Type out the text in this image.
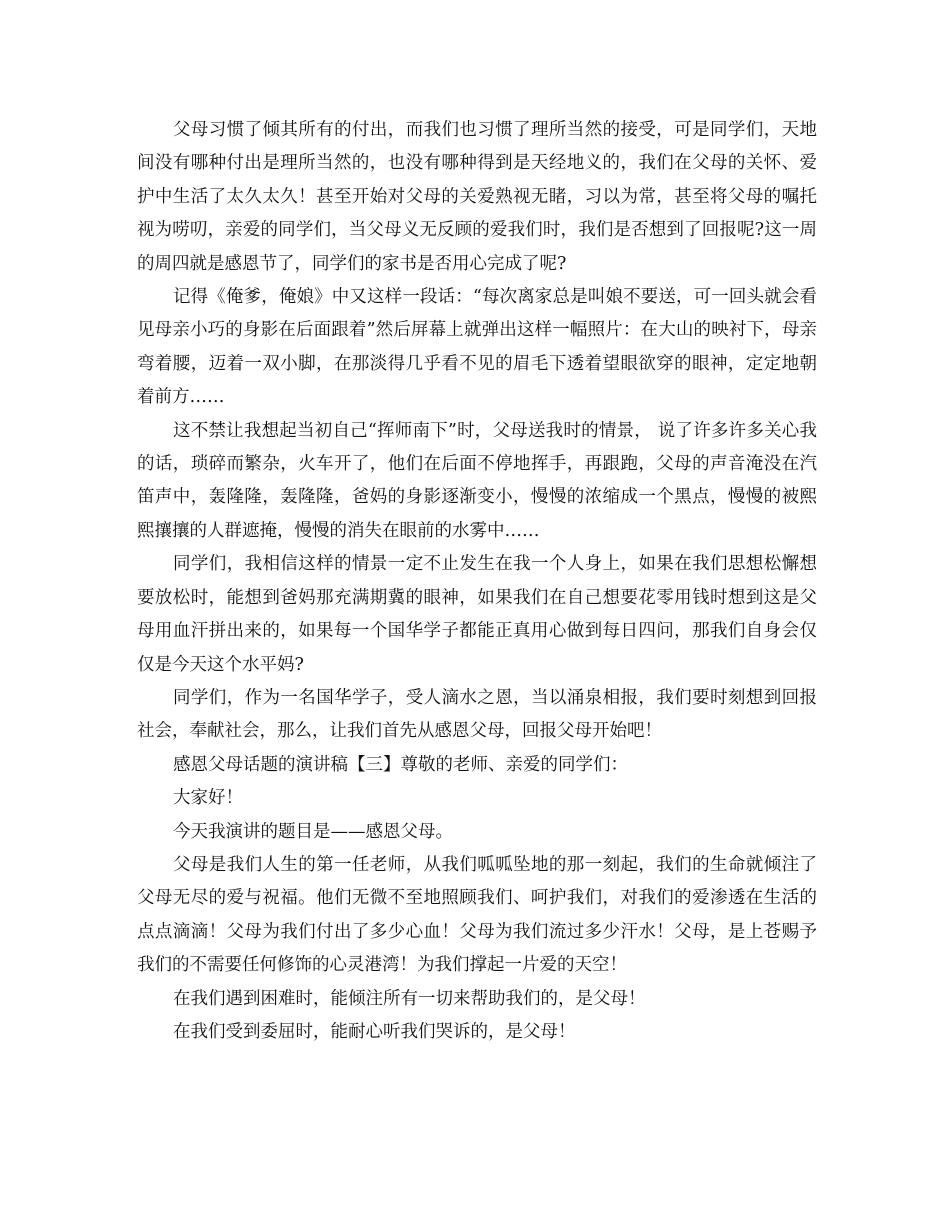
父母习惯了倾其所有的付出，而我们也习惯了理所当然的接受，可是同学们，天地间没有哪种付出是理所当然的，也没有哪种得到是天经地义的，我们在父母的关怀、爱护中生活了太久太久！甚至开始对父母的关爱熟视无睹，习以为常，甚至将父母的嘱托视为唠叨，亲爱的同学们，当父母义无反顾的爱我们时，我们是否想到了回报呢?这一周的周四就是感恩节了，同学们的家书是否用心完成了呢?

记得《俺爹，俺娘》中又这样一段话：“每次离家总是叫娘不要送，可一回头就会看见母亲小巧的身影在后面跟着”然后屏幕上就弹出这样一幅照片：在大山的映衬下，母亲弯着腰，迈着一双小脚，在那淡得几乎看不见的眉毛下透着望眼欲穿的眼神，定定地朝着前方……

这不禁让我想起当初自己“挥师南下”时，父母送我时的情景， 说了许多许多关心我的话，琐碎而繁杂，火车开了，他们在后面不停地挥手，再跟跑，父母的声音淹没在汽笛声中，轰隆隆，轰隆隆，爸妈的身影逐渐变小，慢慢的浓缩成一个黑点，慢慢的被熙熙攘攘的人群遮掩，慢慢的消失在眼前的水雾中……

同学们，我相信这样的情景一定不止发生在我一个人身上，如果在我们思想松懈想要放松时，能想到爸妈那充满期冀的眼神，如果我们在自己想要花零用钱时想到这是父母用血汗拼出来的，如果每一个国华学子都能正真用心做到每日四问，那我们自身会仅仅是今天这个水平妈?

同学们，作为一名国华学子，受人滴水之恩，当以涌泉相报，我们要时刻想到回报社会，奉献社会，那么，让我们首先从感恩父母，回报父母开始吧！

感恩父母话题的演讲稿【三】尊敬的老师、亲爱的同学们：

大家好！

今天我演讲的题目是——感恩父母。

父母是我们人生的第一任老师，从我们呱呱坠地的那一刻起，我们的生命就倾注了父母无尽的爱与祝福。他们无微不至地照顾我们、呵护我们，对我们的爱渗透在生活的点点滴滴！父母为我们付出了多少心血！父母为我们流过多少汗水！父母，是上苍赐予我们的不需要任何修饰的心灵港湾！为我们撑起一片爱的天空！

在我们遇到困难时，能倾注所有一切来帮助我们的，是父母！

在我们受到委屈时，能耐心听我们哭诉的，是父母！
